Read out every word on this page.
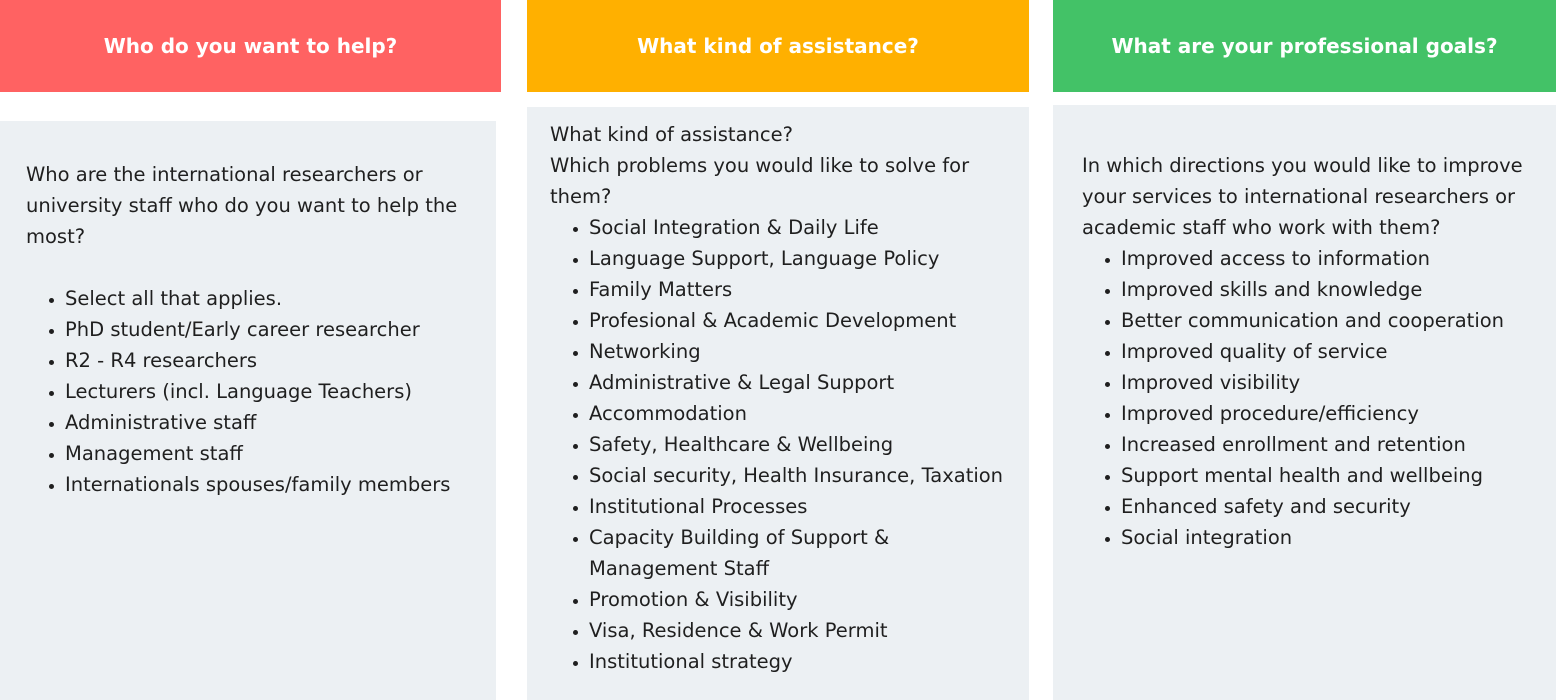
Who do you want to help?	What kind of assistance?	What are your professional goals?

Who are the international researchers or university staff who do you want to help the most?

• Select all that applies.
• PhD student/Early career researcher
• R2 - R4 researchers
• Lecturers (incl. Language Teachers)
• Administrative staff
• Management staff
• Internationals spouses/family members

What kind of assistance?

Which problems you would like to solve for them?

• Social Integration & Daily Life
• Language Support, Language Policy
• Family Matters
• Profesional & Academic Development
• Networking
• Administrative & Legal Support
• Accommodation
• Safety, Healthcare & Wellbeing
• Social security, Health Insurance, Taxation
• Institutional Processes
• Capacity Building of Support & Management Staff
• Promotion & Visibility
• Visa, Residence & Work Permit
• Institutional strategy

In which directions you would like to improve your services to international researchers or academic staff who work with them?

• Improved access to information
• Improved skills and knowledge
• Better communication and cooperation
• Improved quality of service
• Improved visibility
• Improved procedure/efficiency
• Increased enrollment and retention
• Support mental health and wellbeing
• Enhanced safety and security
• Social integration
